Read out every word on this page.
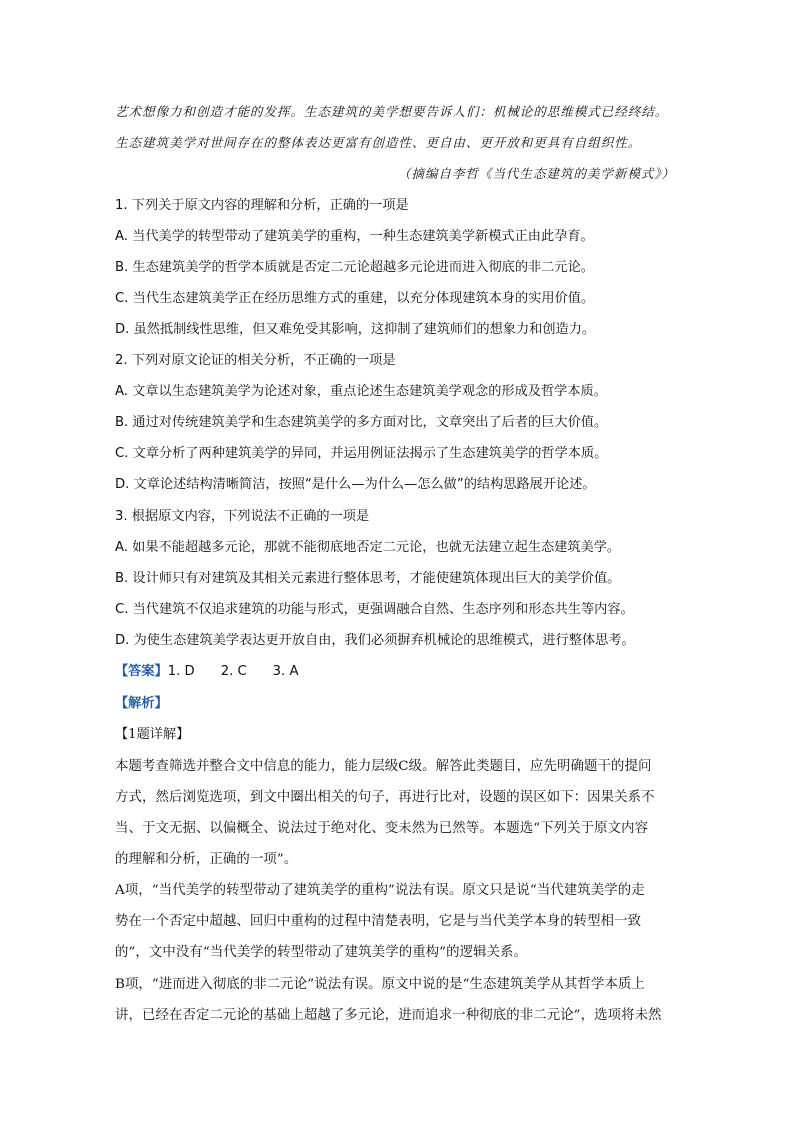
艺术想像力和创造才能的发挥。生态建筑的美学想要告诉人们：机械论的思维模式已经终结。
生态建筑美学对世间存在的整体表达更富有创造性、更自由、更开放和更具有自组织性。
（摘编自李哲《当代生态建筑的美学新模式》）
1. 下列关于原文内容的理解和分析，正确的一项是
A. 当代美学的转型带动了建筑美学的重构，一种生态建筑美学新模式正由此孕育。
B. 生态建筑美学的哲学本质就是否定二元论超越多元论进而进入彻底的非二元论。
C. 当代生态建筑美学正在经历思维方式的重建，以充分体现建筑本身的实用价值。
D. 虽然抵制线性思维，但又难免受其影响，这抑制了建筑师们的想象力和创造力。
2. 下列对原文论证的相关分析，不正确的一项是
A. 文章以生态建筑美学为论述对象，重点论述生态建筑美学观念的形成及哲学本质。
B. 通过对传统建筑美学和生态建筑美学的多方面对比，文章突出了后者的巨大价值。
C. 文章分析了两种建筑美学的异同，并运用例证法揭示了生态建筑美学的哲学本质。
D. 文章论述结构清晰简洁，按照“是什么—为什么—怎么做”的结构思路展开论述。
3. 根据原文内容，下列说法不正确的一项是
A. 如果不能超越多元论，那就不能彻底地否定二元论，也就无法建立起生态建筑美学。
B. 设计师只有对建筑及其相关元素进行整体思考，才能使建筑体现出巨大的美学价值。
C. 当代建筑不仅追求建筑的功能与形式，更强调融合自然、生态序列和形态共生等内容。
D. 为使生态建筑美学表达更开放自由，我们必须摒弃机械论的思维模式，进行整体思考。
【答案】1. D 2. C 3. A
【解析】
【1题详解】
本题考查筛选并整合文中信息的能力，能力层级C级。解答此类题目，应先明确题干的提问
方式，然后浏览选项，到文中圈出相关的句子，再进行比对，设题的误区如下：因果关系不
当、于文无据、以偏概全、说法过于绝对化、变未然为已然等。本题选“下列关于原文内容
的理解和分析，正确的一项”。
A项，“当代美学的转型带动了建筑美学的重构”说法有误。原文只是说“当代建筑美学的走
势在一个否定中超越、回归中重构的过程中清楚表明，它是与当代美学本身的转型相一致
的”，文中没有“当代美学的转型带动了建筑美学的重构”的逻辑关系。
B项，“进而进入彻底的非二元论”说法有误。原文中说的是“生态建筑美学从其哲学本质上
讲，已经在否定二元论的基础上超越了多元论，进而追求一种彻底的非二元论”，选项将未然
